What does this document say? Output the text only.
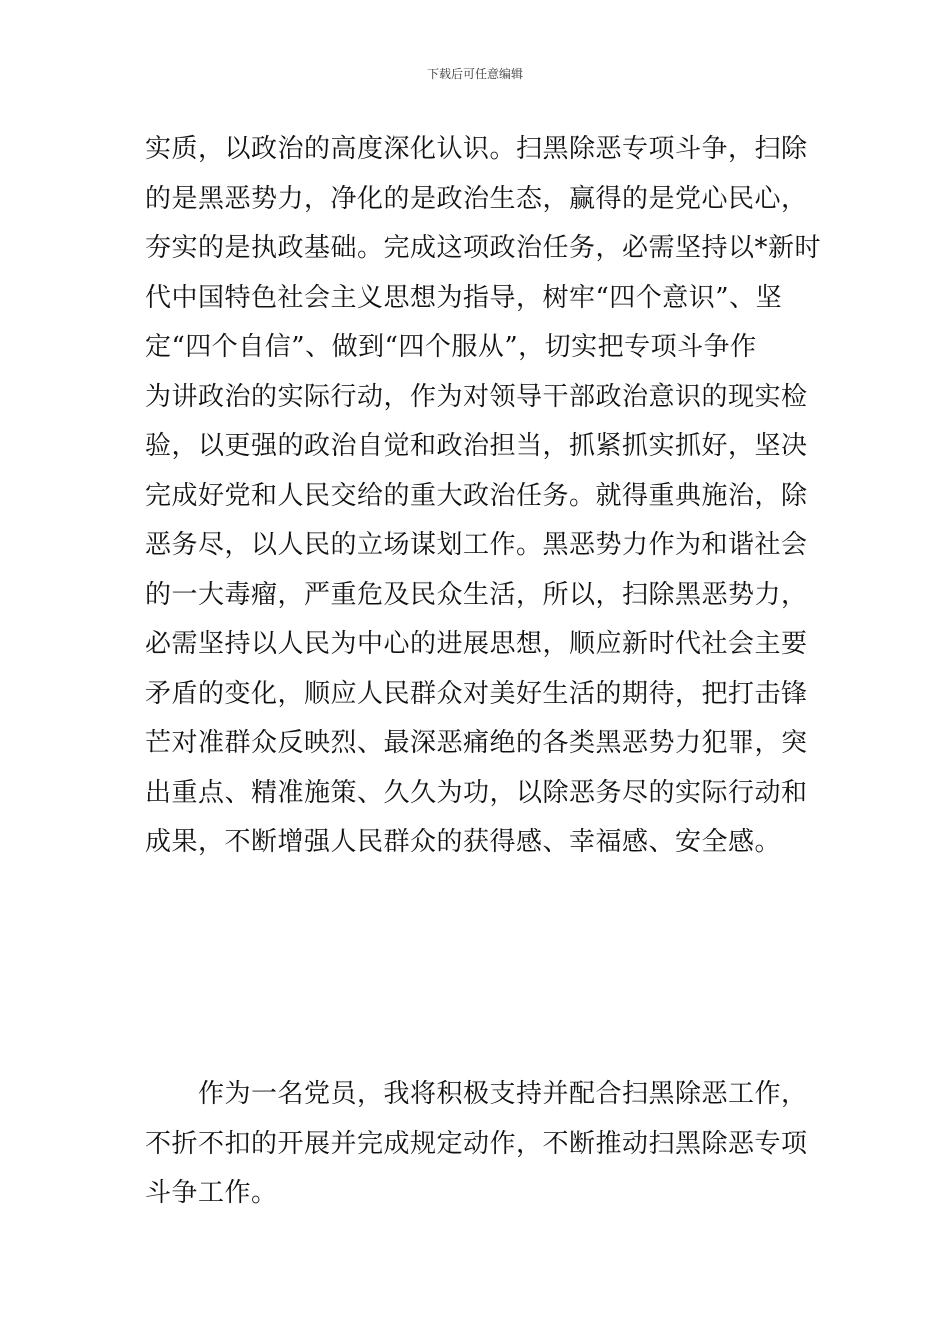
下载后可任意编辑
实质，以政治的高度深化认识。扫黑除恶专项斗争，扫除
的是黑恶势力，净化的是政治生态，赢得的是党心民心，
夯实的是执政基础。完成这项政治任务，必需坚持以*新时
代中国特色社会主义思想为指导，树牢“四个意识”、坚
定“四个自信”、做到“四个服从”，切实把专项斗争作
为讲政治的实际行动，作为对领导干部政治意识的现实检
验，以更强的政治自觉和政治担当，抓紧抓实抓好，坚决
完成好党和人民交给的重大政治任务。就得重典施治，除
恶务尽，以人民的立场谋划工作。黑恶势力作为和谐社会
的一大毒瘤，严重危及民众生活，所以，扫除黑恶势力，
必需坚持以人民为中心的进展思想，顺应新时代社会主要
矛盾的变化，顺应人民群众对美好生活的期待，把打击锋
芒对准群众反映烈、最深恶痛绝的各类黑恶势力犯罪，突
出重点、精准施策、久久为功，以除恶务尽的实际行动和
成果，不断增强人民群众的获得感、幸福感、安全感。
作为一名党员，我将积极支持并配合扫黑除恶工作，
不折不扣的开展并完成规定动作，不断推动扫黑除恶专项
斗争工作。
